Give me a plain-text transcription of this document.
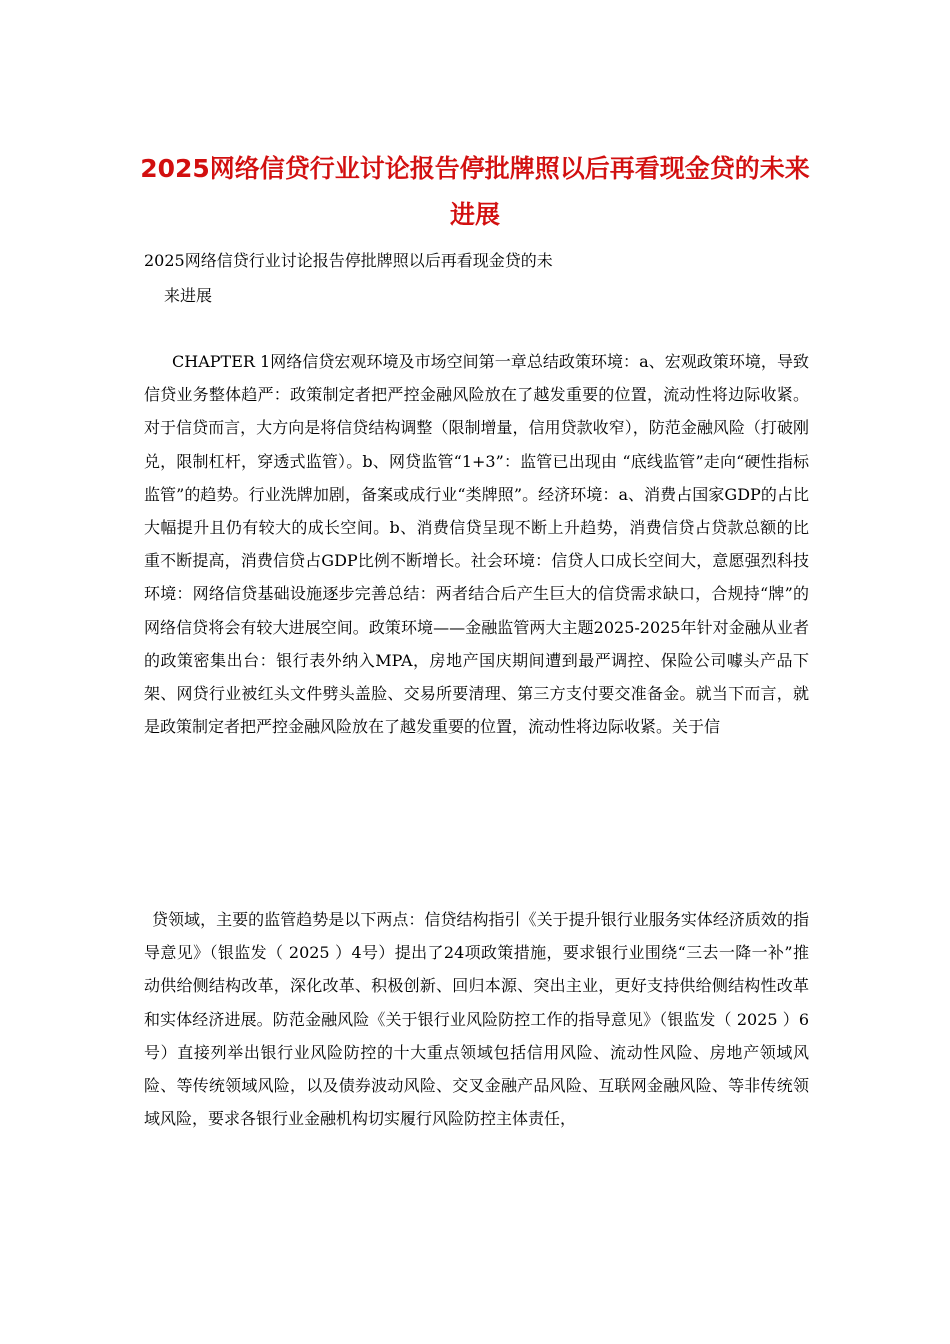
2025网络信贷行业讨论报告停批牌照以后再看现金贷的未来进展
2025网络信贷行业讨论报告停批牌照以后再看现金贷的未
来进展

CHAPTER 1网络信贷宏观环境及市场空间第一章总结政策环境：a、宏观政策环境，导致信贷业务整体趋严：政策制定者把严控金融风险放在了越发重要的位置，流动性将边际收紧。对于信贷而言，大方向是将信贷结构调整（限制增量，信用贷款收窄），防范金融风险（打破刚兑，限制杠杆，穿透式监管）。b、网贷监管“1+3”：监管已出现由 “底线监管”走向“硬性指标监管”的趋势。行业洗牌加剧，备案或成行业“类牌照”。经济环境：a、消费占国家GDP的占比大幅提升且仍有较大的成长空间。b、消费信贷呈现不断上升趋势，消费信贷占贷款总额的比重不断提高，消费信贷占GDP比例不断增长。社会环境：信贷人口成长空间大，意愿强烈科技环境：网络信贷基础设施逐步完善总结：两者结合后产生巨大的信贷需求缺口，合规持“牌”的网络信贷将会有较大进展空间。政策环境——金融监管两大主题2025-2025年针对金融从业者的政策密集出台：银行表外纳入MPA，房地产国庆期间遭到最严调控、保险公司噱头产品下架、网贷行业被红头文件劈头盖脸、交易所要清理、第三方支付要交准备金。就当下而言，就是政策制定者把严控金融风险放在了越发重要的位置，流动性将边际收紧。关于信

贷领域，主要的监管趋势是以下两点：信贷结构指引《关于提升银行业服务实体经济质效的指导意见》（银监发（ 2025 ）4号）提出了24项政策措施，要求银行业围绕“三去一降一补”推动供给侧结构改革，深化改革、积极创新、回归本源、突出主业，更好支持供给侧结构性改革和实体经济进展。防范金融风险《关于银行业风险防控工作的指导意见》（银监发（ 2025 ）6号）直接列举出银行业风险防控的十大重点领域包括信用风险、流动性风险、房地产领域风险、等传统领域风险，以及债券波动风险、交叉金融产品风险、互联网金融风险、等非传统领域风险，要求各银行业金融机构切实履行风险防控主体责任，
